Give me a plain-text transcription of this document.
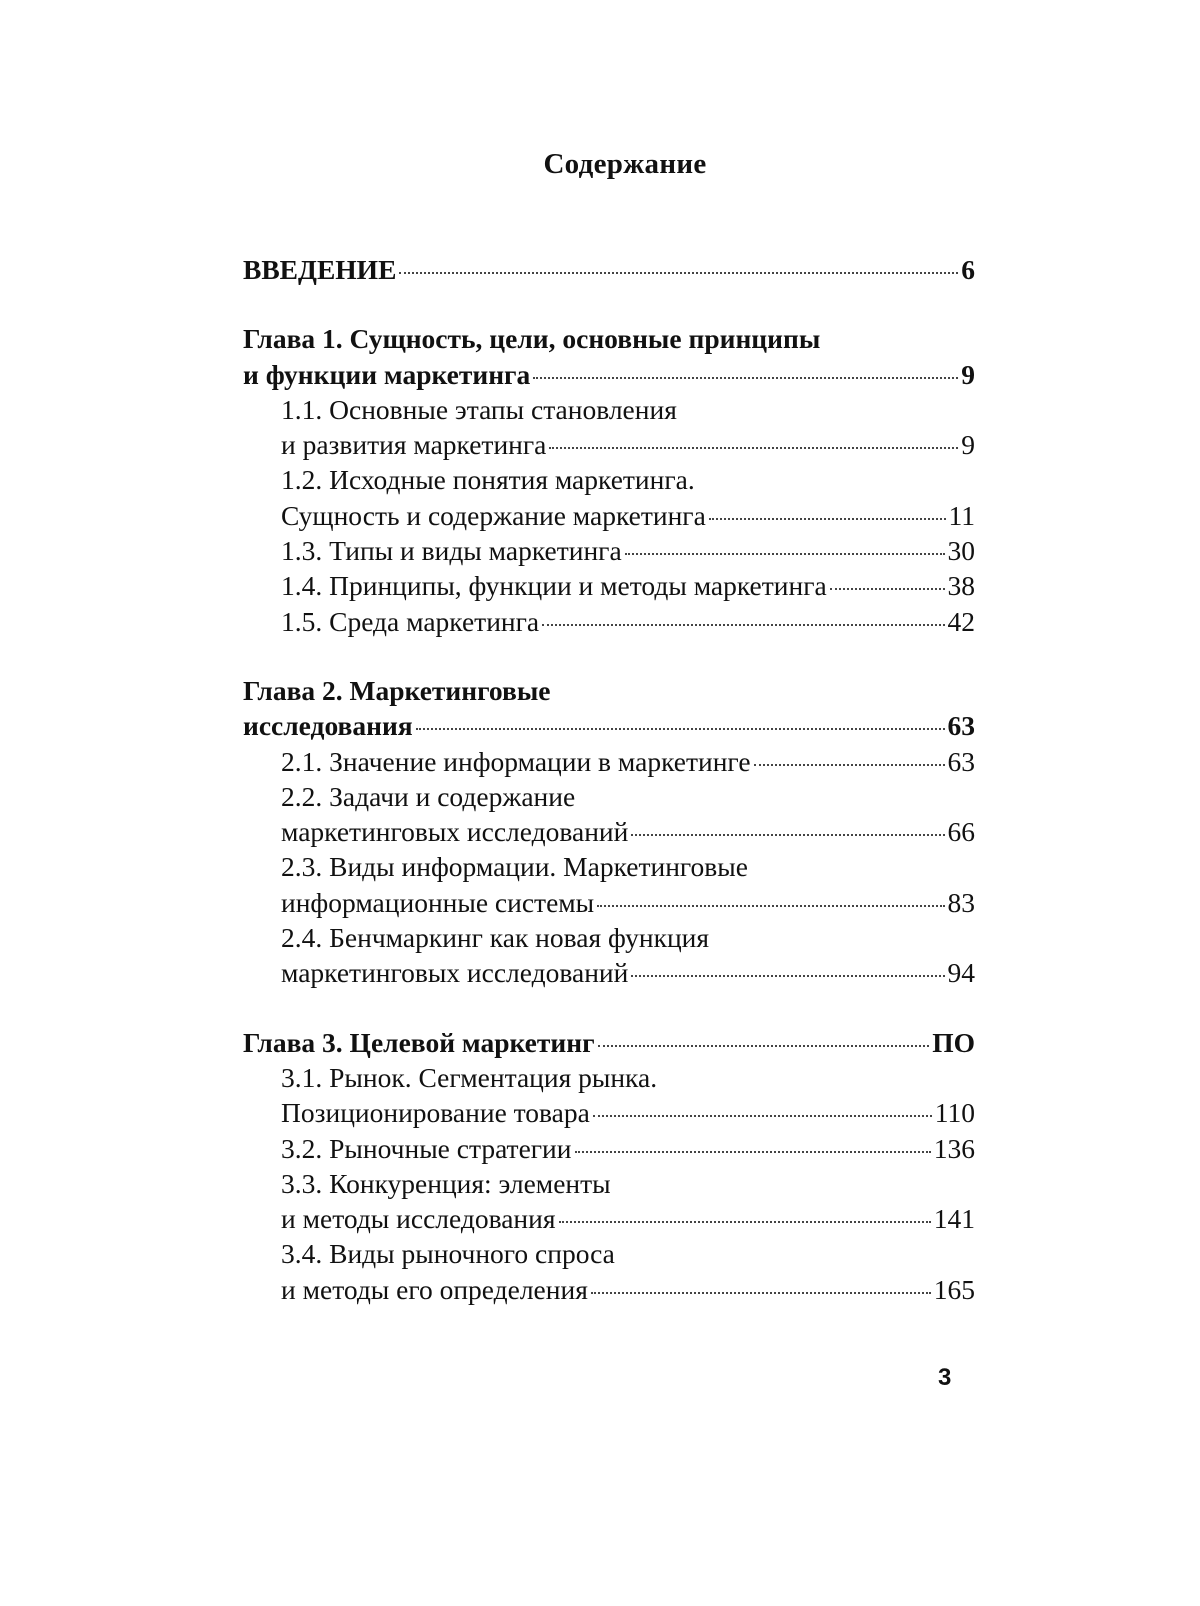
Содержание
ВВЕДЕНИЕ	6
Глава 1. Сущность, цели, основные принципы
и функции маркетинга	9
1.1. Основные этапы становления
и развития маркетинга	9
1.2. Исходные понятия маркетинга.
Сущность и содержание маркетинга	11
1.3. Типы и виды маркетинга	30
1.4. Принципы, функции и методы маркетинга	38
1.5. Среда маркетинга	42
Глава 2. Маркетинговые
исследования	63
2.1. Значение информации в маркетинге	63
2.2. Задачи и содержание
маркетинговых исследований	66
2.3. Виды информации. Маркетинговые
информационные системы	83
2.4. Бенчмаркинг как новая функция
маркетинговых исследований	94
Глава 3. Целевой маркетинг	ПО
3.1. Рынок. Сегментация рынка.
Позиционирование товара	110
3.2. Рыночные стратегии	136
3.3. Конкуренция: элементы
и методы исследования	141
3.4. Виды рыночного спроса
и методы его определения	165
3
